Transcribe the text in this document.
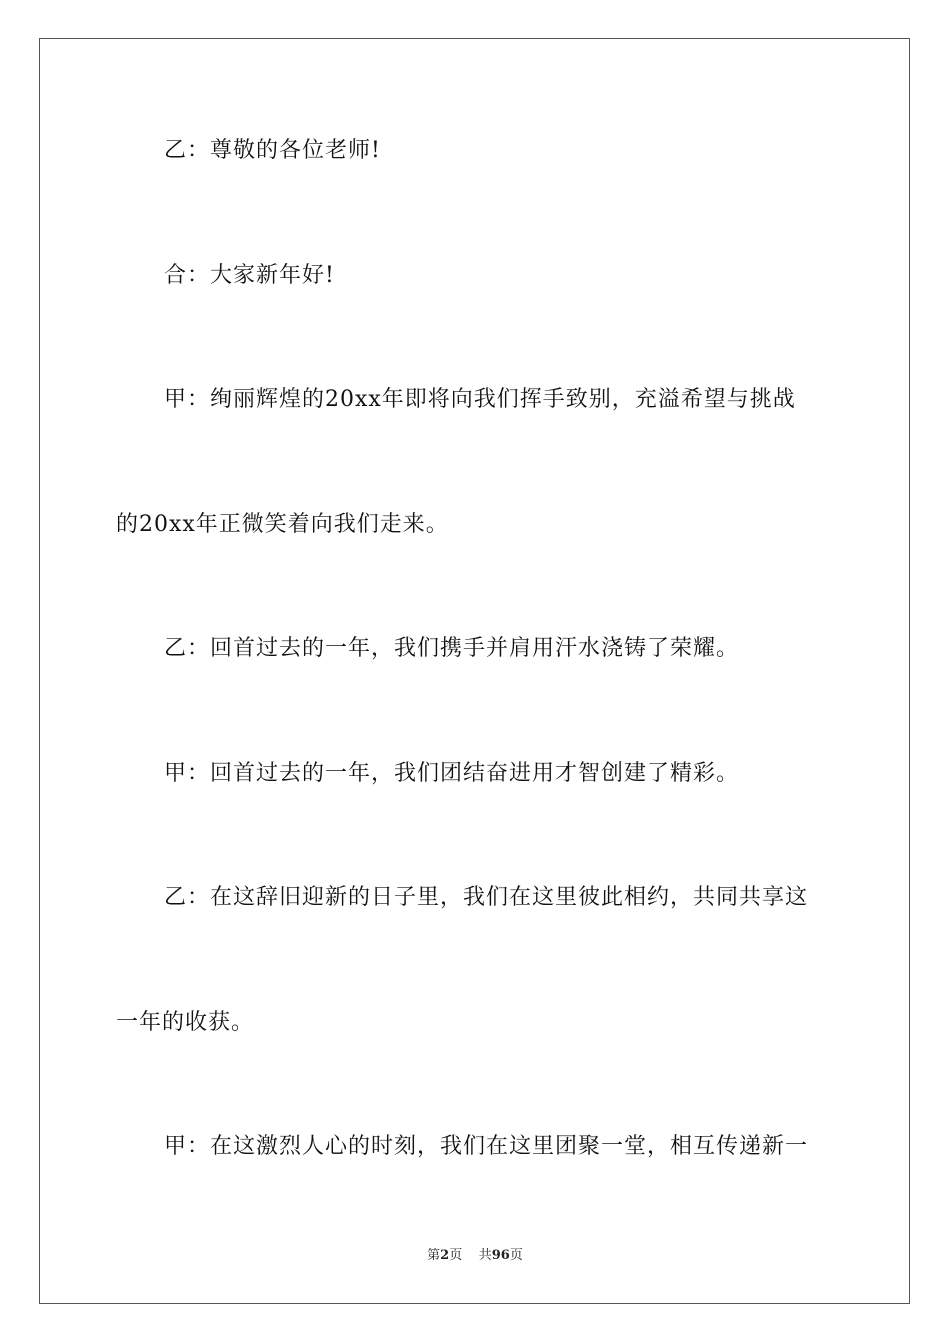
乙：尊敬的各位老师!
合：大家新年好!
甲：绚丽辉煌的20xx年即将向我们挥手致别，充溢希望与挑战
的20xx年正微笑着向我们走来。
乙：回首过去的一年，我们携手并肩用汗水浇铸了荣耀。
甲：回首过去的一年，我们团结奋进用才智创建了精彩。
乙：在这辞旧迎新的日子里，我们在这里彼此相约，共同共享这
一年的收获。
甲：在这激烈人心的时刻，我们在这里团聚一堂，相互传递新一
第2页 共96页
